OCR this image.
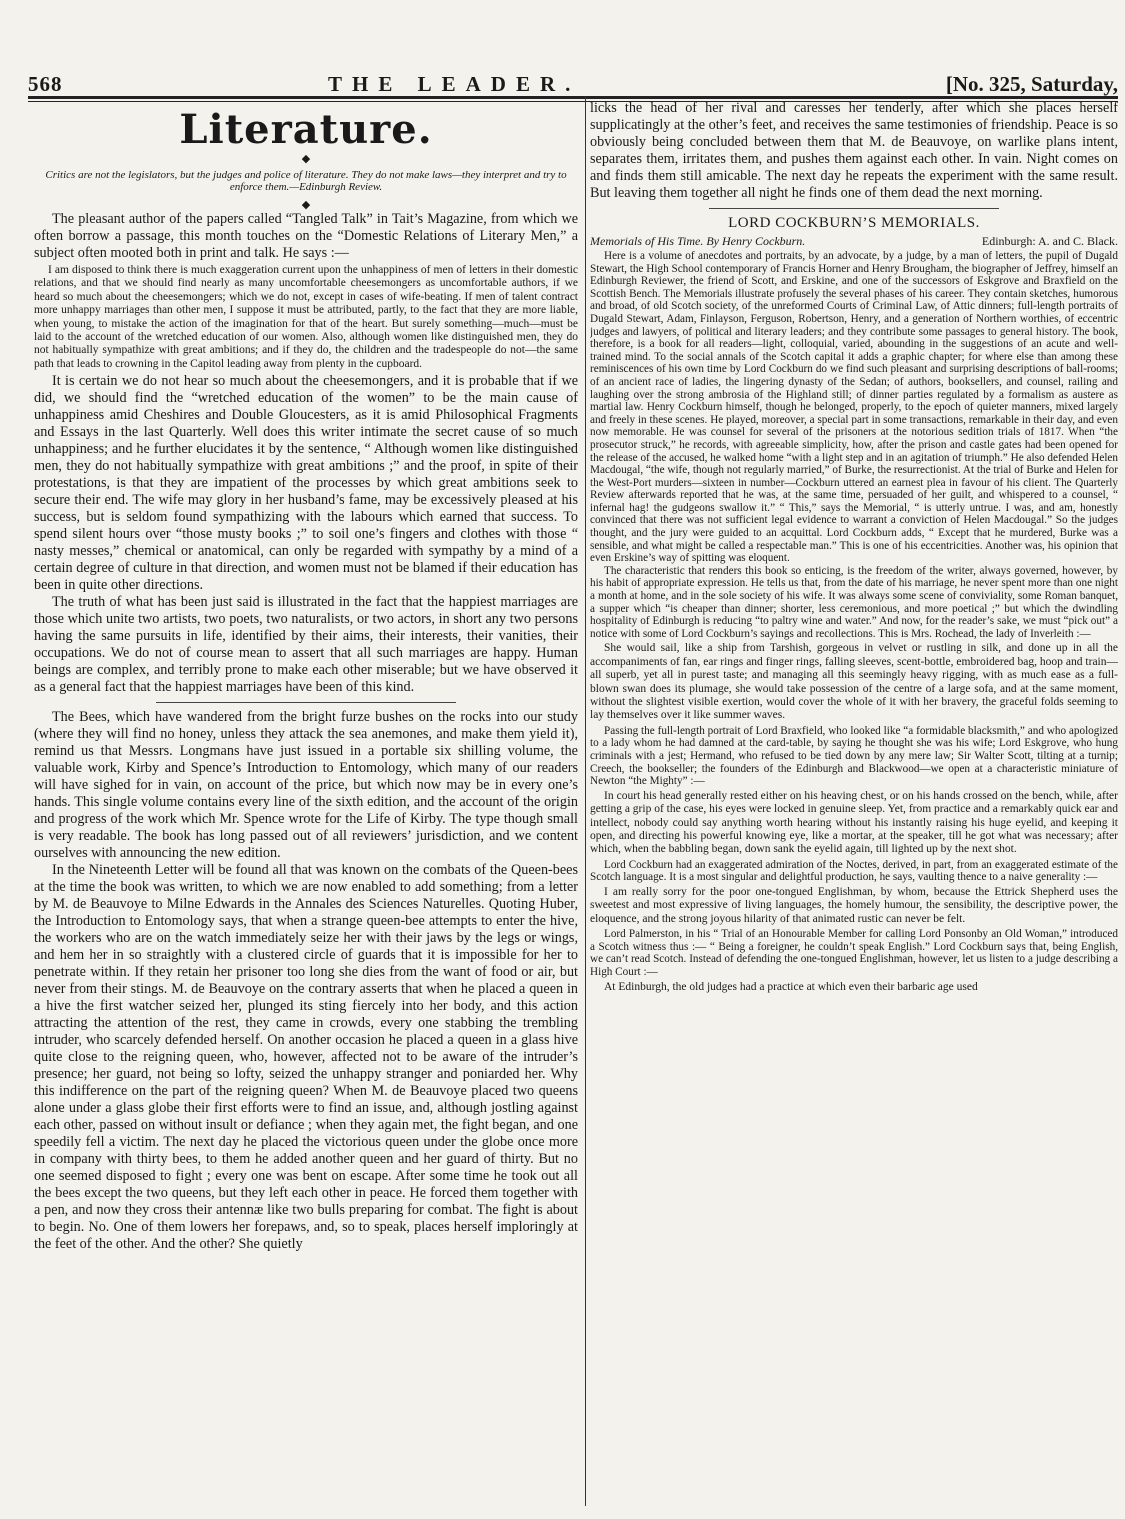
568	THE LEADER.	[No. 325, Saturday,
Literature.
◆
Critics are not the legislators, but the judges and police of literature. They do not make laws—they interpret and try to enforce them.—Edinburgh Review.
◆

The pleasant author of the papers called “Tangled Talk” in Tait’s Magazine, from which we often borrow a passage, this month touches on the “Domestic Relations of Literary Men,” a subject often mooted both in print and talk. He says :—

I am disposed to think there is much exaggeration current upon the unhappiness of men of letters in their domestic relations, and that we should find nearly as many uncomfortable cheesemongers as uncomfortable authors, if we heard so much about the cheesemongers; which we do not, except in cases of wife-beating. If men of talent contract more unhappy marriages than other men, I suppose it must be attributed, partly, to the fact that they are more liable, when young, to mistake the action of the imagination for that of the heart. But surely something—much—must be laid to the account of the wretched education of our women. Also, although women like distinguished men, they do not habitually sympathize with great ambitions; and if they do, the children and the tradespeople do not—the same path that leads to crowning in the Capitol leading away from plenty in the cupboard.

It is certain we do not hear so much about the cheesemongers, and it is probable that if we did, we should find the “wretched education of the women” to be the main cause of unhappiness amid Cheshires and Double Gloucesters, as it is amid Philosophical Fragments and Essays in the last Quarterly. Well does this writer intimate the secret cause of so much unhappiness; and he further elucidates it by the sentence, “ Although women like distinguished men, they do not habitually sympathize with great ambitions ;” and the proof, in spite of their protestations, is that they are impatient of the processes by which great ambitions seek to secure their end. The wife may glory in her husband’s fame, may be excessively pleased at his success, but is seldom found sympathizing with the labours which earned that success. To spend silent hours over “those musty books ;” to soil one’s fingers and clothes with those “ nasty messes,” chemical or anatomical, can only be regarded with sympathy by a mind of a certain degree of culture in that direction, and women must not be blamed if their education has been in quite other directions.

The truth of what has been just said is illustrated in the fact that the happiest marriages are those which unite two artists, two poets, two naturalists, or two actors, in short any two persons having the same pursuits in life, identified by their aims, their interests, their vanities, their occupations. We do not of course mean to assert that all such marriages are happy. Human beings are complex, and terribly prone to make each other miserable; but we have observed it as a general fact that the happiest marriages have been of this kind.

The Bees, which have wandered from the bright furze bushes on the rocks into our study (where they will find no honey, unless they attack the sea anemones, and make them yield it), remind us that Messrs. Longmans have just issued in a portable six shilling volume, the valuable work, Kirby and Spence’s Introduction to Entomology, which many of our readers will have sighed for in vain, on account of the price, but which now may be in every one’s hands. This single volume contains every line of the sixth edition, and the account of the origin and progress of the work which Mr. Spence wrote for the Life of Kirby. The type though small is very readable. The book has long passed out of all reviewers’ jurisdiction, and we content ourselves with announcing the new edition.

In the Nineteenth Letter will be found all that was known on the combats of the Queen-bees at the time the book was written, to which we are now enabled to add something; from a letter by M. de Beauvoye to Milne Edwards in the Annales des Sciences Naturelles. Quoting Huber, the Introduction to Entomology says, that when a strange queen-bee attempts to enter the hive, the workers who are on the watch immediately seize her with their jaws by the legs or wings, and hem her in so straightly with a clustered circle of guards that it is impossible for her to penetrate within. If they retain her prisoner too long she dies from the want of food or air, but never from their stings. M. de Beauvoye on the contrary asserts that when he placed a queen in a hive the first watcher seized her, plunged its sting fiercely into her body, and this action attracting the attention of the rest, they came in crowds, every one stabbing the trembling intruder, who scarcely defended herself. On another occasion he placed a queen in a glass hive quite close to the reigning queen, who, however, affected not to be aware of the intruder’s presence; her guard, not being so lofty, seized the unhappy stranger and poniarded her. Why this indifference on the part of the reigning queen? When M. de Beauvoye placed two queens alone under a glass globe their first efforts were to find an issue, and, although jostling against each other, passed on without insult or defiance ; when they again met, the fight began, and one speedily fell a victim. The next day he placed the victorious queen under the globe once more in company with thirty bees, to them he added another queen and her guard of thirty. But no one seemed disposed to fight ; every one was bent on escape. After some time he took out all the bees except the two queens, but they left each other in peace. He forced them together with a pen, and now they cross their antennæ like two bulls preparing for combat. The fight is about to begin. No. One of them lowers her forepaws, and, so to speak, places herself imploringly at the feet of the other. And the other? She quietly

licks the head of her rival and caresses her tenderly, after which she places herself supplicatingly at the other’s feet, and receives the same testimonies of friendship. Peace is so obviously being concluded between them that M. de Beauvoye, on warlike plans intent, separates them, irritates them, and pushes them against each other. In vain. Night comes on and finds them still amicable. The next day he repeats the experiment with the same result. But leaving them together all night he finds one of them dead the next morning.

LORD COCKBURN’S MEMORIALS.

Edinburgh: A. and C. Black.
Memorials of His Time. By Henry Cockburn.

Here is a volume of anecdotes and portraits, by an advocate, by a judge, by a man of letters, the pupil of Dugald Stewart, the High School contemporary of Francis Horner and Henry Brougham, the biographer of Jeffrey, himself an Edinburgh Reviewer, the friend of Scott, and Erskine, and one of the successors of Eskgrove and Braxfield on the Scottish Bench. The Memorials illustrate profusely the several phases of his career. They contain sketches, humorous and broad, of old Scotch society, of the unreformed Courts of Criminal Law, of Attic dinners; full-length portraits of Dugald Stewart, Adam, Finlayson, Ferguson, Robertson, Henry, and a generation of Northern worthies, of eccentric judges and lawyers, of political and literary leaders; and they contribute some passages to general history. The book, therefore, is a book for all readers—light, colloquial, varied, abounding in the suggestions of an acute and well-trained mind. To the social annals of the Scotch capital it adds a graphic chapter; for where else than among these reminiscences of his own time by Lord Cockburn do we find such pleasant and surprising descriptions of ball-rooms; of an ancient race of ladies, the lingering dynasty of the Sedan; of authors, booksellers, and counsel, railing and laughing over the strong ambrosia of the Highland still; of dinner parties regulated by a formalism as austere as martial law. Henry Cockburn himself, though he belonged, properly, to the epoch of quieter manners, mixed largely and freely in these scenes. He played, moreover, a special part in some transactions, remarkable in their day, and even now memorable. He was counsel for several of the prisoners at the notorious sedition trials of 1817. When “the prosecutor struck,” he records, with agreeable simplicity, how, after the prison and castle gates had been opened for the release of the accused, he walked home “with a light step and in an agitation of triumph.” He also defended Helen Macdougal, “the wife, though not regularly married,” of Burke, the resurrectionist. At the trial of Burke and Helen for the West-Port murders—sixteen in number—Cockburn uttered an earnest plea in favour of his client. The Quarterly Review afterwards reported that he was, at the same time, persuaded of her guilt, and whispered to a counsel, “ infernal hag! the gudgeons swallow it.” “ This,” says the Memorial, “ is utterly untrue. I was, and am, honestly convinced that there was not sufficient legal evidence to warrant a conviction of Helen Macdougal.” So the judges thought, and the jury were guided to an acquittal. Lord Cockburn adds, “ Except that he murdered, Burke was a sensible, and what might be called a respectable man.” This is one of his eccentricities. Another was, his opinion that even Erskine’s way of spitting was eloquent.

The characteristic that renders this book so enticing, is the freedom of the writer, always governed, however, by his habit of appropriate expression. He tells us that, from the date of his marriage, he never spent more than one night a month at home, and in the sole society of his wife. It was always some scene of conviviality, some Roman banquet, a supper which “is cheaper than dinner; shorter, less ceremonious, and more poetical ;” but which the dwindling hospitality of Edinburgh is reducing “to paltry wine and water.” And now, for the reader’s sake, we must “pick out” a notice with some of Lord Cockburn’s sayings and recollections. This is Mrs. Rochead, the lady of Inverleith :—

She would sail, like a ship from Tarshish, gorgeous in velvet or rustling in silk, and done up in all the accompaniments of fan, ear rings and finger rings, falling sleeves, scent-bottle, embroidered bag, hoop and train—all superb, yet all in purest taste; and managing all this seemingly heavy rigging, with as much ease as a full-blown swan does its plumage, she would take possession of the centre of a large sofa, and at the same moment, without the slightest visible exertion, would cover the whole of it with her bravery, the graceful folds seeming to lay themselves over it like summer waves.

Passing the full-length portrait of Lord Braxfield, who looked like “a formidable blacksmith,” and who apologized to a lady whom he had damned at the card-table, by saying he thought she was his wife; Lord Eskgrove, who hung criminals with a jest; Hermand, who refused to be tied down by any mere law; Sir Walter Scott, tilting at a turnip; Creech, the bookseller; the founders of the Edinburgh and Blackwood—we open at a characteristic miniature of Newton “the Mighty” :—

In court his head generally rested either on his heaving chest, or on his hands crossed on the bench, while, after getting a grip of the case, his eyes were locked in genuine sleep. Yet, from practice and a remarkably quick ear and intellect, nobody could say anything worth hearing without his instantly raising his huge eyelid, and keeping it open, and directing his powerful knowing eye, like a mortar, at the speaker, till he got what was necessary; after which, when the babbling began, down sank the eyelid again, till lighted up by the next shot.

Lord Cockburn had an exaggerated admiration of the Noctes, derived, in part, from an exaggerated estimate of the Scotch language. It is a most singular and delightful production, he says, vaulting thence to a naive generality :—

I am really sorry for the poor one-tongued Englishman, by whom, because the Ettrick Shepherd uses the sweetest and most expressive of living languages, the homely humour, the sensibility, the descriptive power, the eloquence, and the strong joyous hilarity of that animated rustic can never be felt.

Lord Palmerston, in his “ Trial of an Honourable Member for calling Lord Ponsonby an Old Woman,” introduced a Scotch witness thus :— “ Being a foreigner, he couldn’t speak English.” Lord Cockburn says that, being English, we can’t read Scotch. Instead of defending the one-tongued Englishman, however, let us listen to a judge describing a High Court :—

At Edinburgh, the old judges had a practice at which even their barbaric age used
